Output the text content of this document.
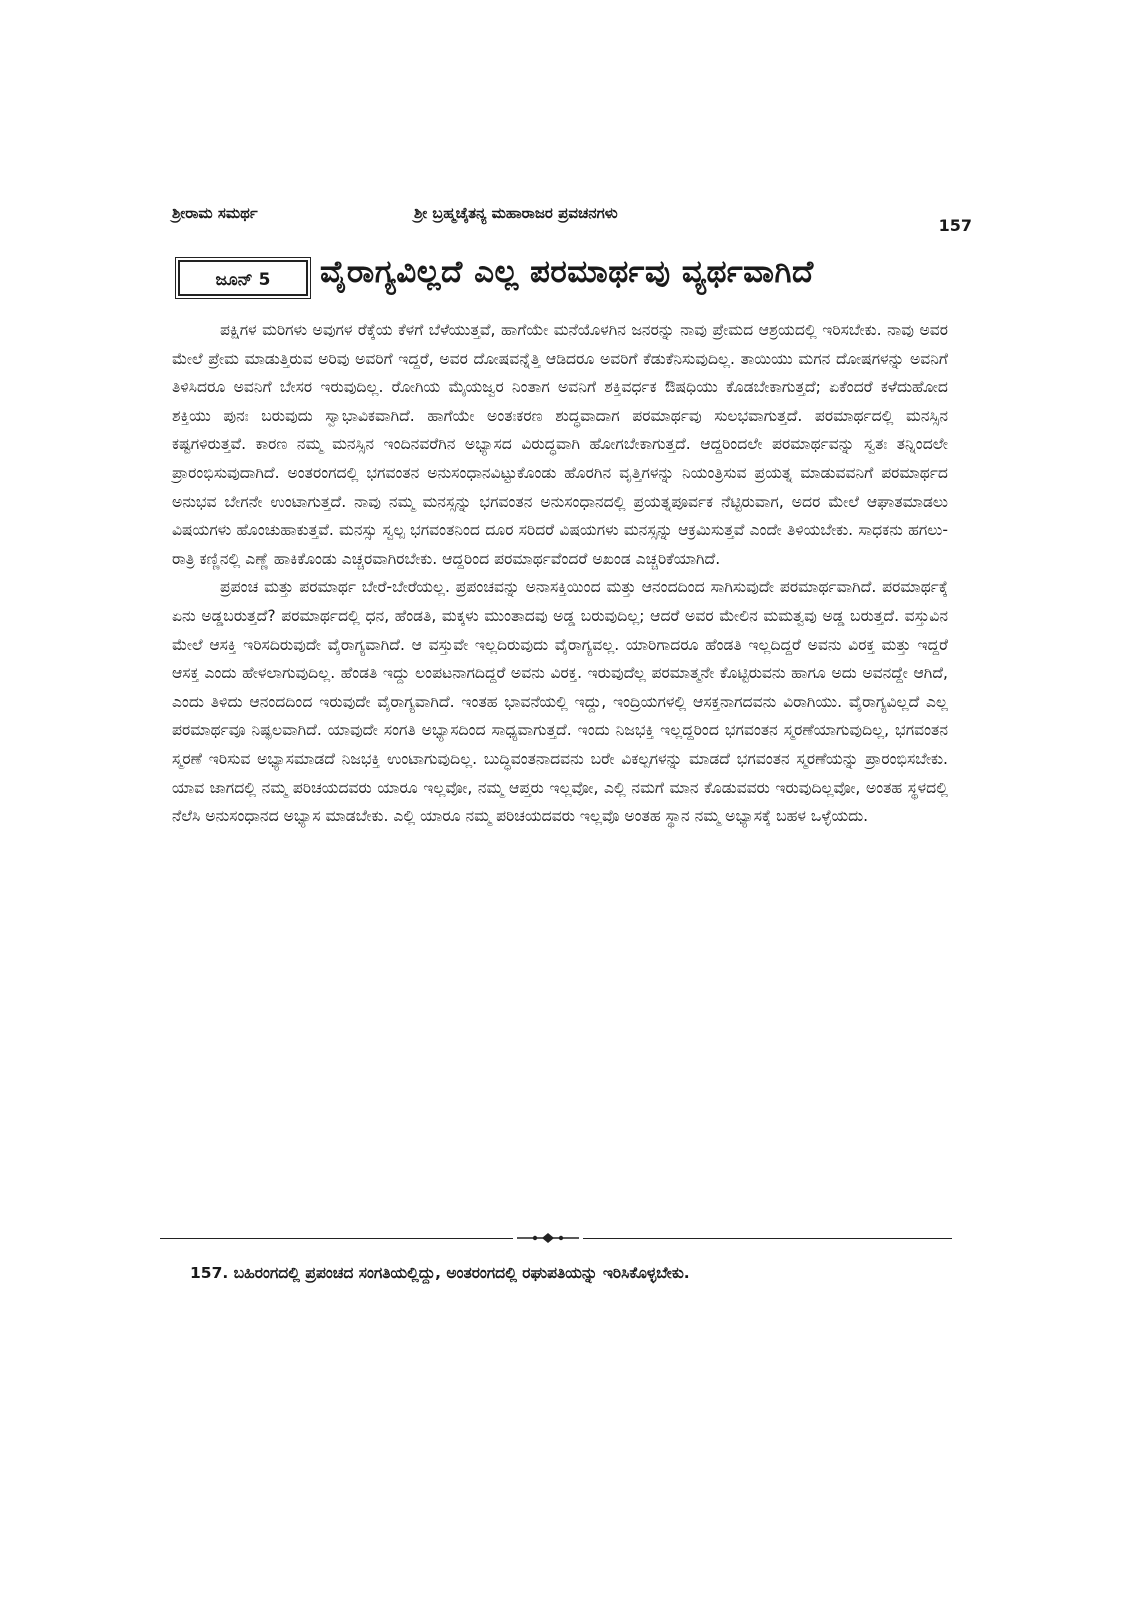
ಶ್ರೀರಾಮ ಸಮರ್ಥ	ಶ್ರೀ ಬ್ರಹ್ಮಚೈತನ್ಯ ಮಹಾರಾಜರ ಪ್ರವಚನಗಳು
157
ಜೂನ್ 5	ವೈರಾಗ್ಯವಿಲ್ಲದೆ ಎಲ್ಲ ಪರಮಾರ್ಥವು ವ್ಯರ್ಥವಾಗಿದೆ

ಪಕ್ಷಿಗಳ ಮರಿಗಳು ಅವುಗಳ ರೆಕ್ಕೆಯ ಕೆಳಗೆ ಬೆಳೆಯುತ್ತವೆ, ಹಾಗೆಯೇ ಮನೆಯೊಳಗಿನ ಜನರನ್ನು ನಾವು ಪ್ರೇಮದ ಆಶ್ರಯದಲ್ಲಿ ಇರಿಸಬೇಕು. ನಾವು ಅವರ ಮೇಲೆ ಪ್ರೇಮ ಮಾಡುತ್ತಿರುವ ಅರಿವು ಅವರಿಗೆ ಇದ್ದರೆ, ಅವರ ದೋಷವನ್ನೆತ್ತಿ ಆಡಿದರೂ ಅವರಿಗೆ ಕೆಡುಕೆನಿಸುವುದಿಲ್ಲ. ತಾಯಿಯು ಮಗನ ದೋಷಗಳನ್ನು ಅವನಿಗೆ ತಿಳಿಸಿದರೂ ಅವನಿಗೆ ಬೇಸರ ಇರುವುದಿಲ್ಲ. ರೋಗಿಯ ಮೈಯಜ್ವರ ನಿಂತಾಗ ಅವನಿಗೆ ಶಕ್ತಿವರ್ಧಕ ಔಷಧಿಯು ಕೊಡಬೇಕಾಗುತ್ತದೆ; ಏಕೆಂದರೆ ಕಳೆದುಹೋದ ಶಕ್ತಿಯು ಪುನಃ ಬರುವುದು ಸ್ವಾಭಾವಿಕವಾಗಿದೆ. ಹಾಗೆಯೇ ಅಂತಃಕರಣ ಶುದ್ಧವಾದಾಗ ಪರಮಾರ್ಥವು ಸುಲಭವಾಗುತ್ತದೆ. ಪರಮಾರ್ಥದಲ್ಲಿ ಮನಸ್ಸಿನ ಕಷ್ಟಗಳಿರುತ್ತವೆ. ಕಾರಣ ನಮ್ಮ ಮನಸ್ಸಿನ ಇಂದಿನವರೆಗಿನ ಅಭ್ಯಾಸದ ವಿರುದ್ಧವಾಗಿ ಹೋಗಬೇಕಾಗುತ್ತದೆ. ಆದ್ದರಿಂದಲೇ ಪರಮಾರ್ಥವನ್ನು ಸ್ವತಃ ತನ್ನಿಂದಲೇ ಪ್ರಾರಂಭಿಸುವುದಾಗಿದೆ. ಅಂತರಂಗದಲ್ಲಿ ಭಗವಂತನ ಅನುಸಂಧಾನವಿಟ್ಟುಕೊಂಡು ಹೊರಗಿನ ವೃತ್ತಿಗಳನ್ನು ನಿಯಂತ್ರಿಸುವ ಪ್ರಯತ್ನ ಮಾಡುವವನಿಗೆ ಪರಮಾರ್ಥದ ಅನುಭವ ಬೇಗನೇ ಉಂಟಾಗುತ್ತದೆ. ನಾವು ನಮ್ಮ ಮನಸ್ಸನ್ನು ಭಗವಂತನ ಅನುಸಂಧಾನದಲ್ಲಿ ಪ್ರಯತ್ನಪೂರ್ವಕ ನೆಟ್ಟಿರುವಾಗ, ಅದರ ಮೇಲೆ ಆಘಾತಮಾಡಲು ವಿಷಯಗಳು ಹೊಂಚುಹಾಕುತ್ತವೆ. ಮನಸ್ಸು ಸ್ವಲ್ಪ ಭಗವಂತನಿಂದ ದೂರ ಸರಿದರೆ ವಿಷಯಗಳು ಮನಸ್ಸನ್ನು ಆಕ್ರಮಿಸುತ್ತವೆ ಎಂದೇ ತಿಳಿಯಬೇಕು. ಸಾಧಕನು ಹಗಲು-ರಾತ್ರಿ ಕಣ್ಣಿನಲ್ಲಿ ಎಣ್ಣೆ ಹಾಕಿಕೊಂಡು ಎಚ್ಚರವಾಗಿರಬೇಕು. ಆದ್ದರಿಂದ ಪರಮಾರ್ಥವೆಂದರೆ ಅಖಂಡ ಎಚ್ಚರಿಕೆಯಾಗಿದೆ.

ಪ್ರಪಂಚ ಮತ್ತು ಪರಮಾರ್ಥ ಬೇರೆ-ಬೇರೆಯಲ್ಲ. ಪ್ರಪಂಚವನ್ನು ಅನಾಸಕ್ತಿಯಿಂದ ಮತ್ತು ಆನಂದದಿಂದ ಸಾಗಿಸುವುದೇ ಪರಮಾರ್ಥವಾಗಿದೆ. ಪರಮಾರ್ಥಕ್ಕೆ ಏನು ಅಡ್ಡಬರುತ್ತದೆ? ಪರಮಾರ್ಥದಲ್ಲಿ ಧನ, ಹೆಂಡತಿ, ಮಕ್ಕಳು ಮುಂತಾದವು ಅಡ್ಡ ಬರುವುದಿಲ್ಲ; ಆದರೆ ಅವರ ಮೇಲಿನ ಮಮತ್ವವು ಅಡ್ಡ ಬರುತ್ತದೆ. ವಸ್ತುವಿನ ಮೇಲೆ ಆಸಕ್ತಿ ಇರಿಸದಿರುವುದೇ ವೈರಾಗ್ಯವಾಗಿದೆ. ಆ ವಸ್ತುವೇ ಇಲ್ಲದಿರುವುದು ವೈರಾಗ್ಯವಲ್ಲ. ಯಾರಿಗಾದರೂ ಹೆಂಡತಿ ಇಲ್ಲದಿದ್ದರೆ ಅವನು ವಿರಕ್ತ ಮತ್ತು ಇದ್ದರೆ ಆಸಕ್ತ ಎಂದು ಹೇಳಲಾಗುವುದಿಲ್ಲ. ಹೆಂಡತಿ ಇದ್ದು ಲಂಪಟನಾಗದಿದ್ದರೆ ಅವನು ವಿರಕ್ತ. ಇರುವುದೆಲ್ಲ ಪರಮಾತ್ಮನೇ ಕೊಟ್ಟಿರುವನು ಹಾಗೂ ಅದು ಅವನದ್ದೇ ಆಗಿದೆ, ಎಂದು ತಿಳಿದು ಆನಂದದಿಂದ ಇರುವುದೇ ವೈರಾಗ್ಯವಾಗಿದೆ. ಇಂತಹ ಭಾವನೆಯಲ್ಲಿ ಇದ್ದು, ಇಂದ್ರಿಯಗಳಲ್ಲಿ ಆಸಕ್ತನಾಗದವನು ವಿರಾಗಿಯು. ವೈರಾಗ್ಯವಿಲ್ಲದೆ ಎಲ್ಲ ಪರಮಾರ್ಥವೂ ನಿಷ್ಫಲವಾಗಿದೆ. ಯಾವುದೇ ಸಂಗತಿ ಅಭ್ಯಾಸದಿಂದ ಸಾಧ್ಯವಾಗುತ್ತದೆ. ಇಂದು ನಿಜಭಕ್ತಿ ಇಲ್ಲದ್ದರಿಂದ ಭಗವಂತನ ಸ್ಮರಣೆಯಾಗುವುದಿಲ್ಲ, ಭಗವಂತನ ಸ್ಮರಣೆ ಇರಿಸುವ ಅಭ್ಯಾಸಮಾಡದೆ ನಿಜಭಕ್ತಿ ಉಂಟಾಗುವುದಿಲ್ಲ. ಬುದ್ಧಿವಂತನಾದವನು ಬರೇ ವಿಕಲ್ಪಗಳನ್ನು ಮಾಡದೆ ಭಗವಂತನ ಸ್ಮರಣೆಯನ್ನು ಪ್ರಾರಂಭಿಸಬೇಕು. ಯಾವ ಜಾಗದಲ್ಲಿ ನಮ್ಮ ಪರಿಚಯದವರು ಯಾರೂ ಇಲ್ಲವೋ, ನಮ್ಮ ಆಪ್ತರು ಇಲ್ಲವೋ, ಎಲ್ಲಿ ನಮಗೆ ಮಾನ ಕೊಡುವವರು ಇರುವುದಿಲ್ಲವೋ, ಅಂತಹ ಸ್ಥಳದಲ್ಲಿ ನೆಲೆಸಿ ಅನುಸಂಧಾನದ ಅಭ್ಯಾಸ ಮಾಡಬೇಕು. ಎಲ್ಲಿ ಯಾರೂ ನಮ್ಮ ಪರಿಚಯದವರು ಇಲ್ಲವೊ ಅಂತಹ ಸ್ಥಾನ ನಮ್ಮ ಅಭ್ಯಾಸಕ್ಕೆ ಬಹಳ ಒಳ್ಳೆಯದು.

157. ಬಹಿರಂಗದಲ್ಲಿ ಪ್ರಪಂಚದ ಸಂಗತಿಯಲ್ಲಿದ್ದು, ಅಂತರಂಗದಲ್ಲಿ ರಘುಪತಿಯನ್ನು ಇರಿಸಿಕೊಳ್ಳಬೇಕು.
